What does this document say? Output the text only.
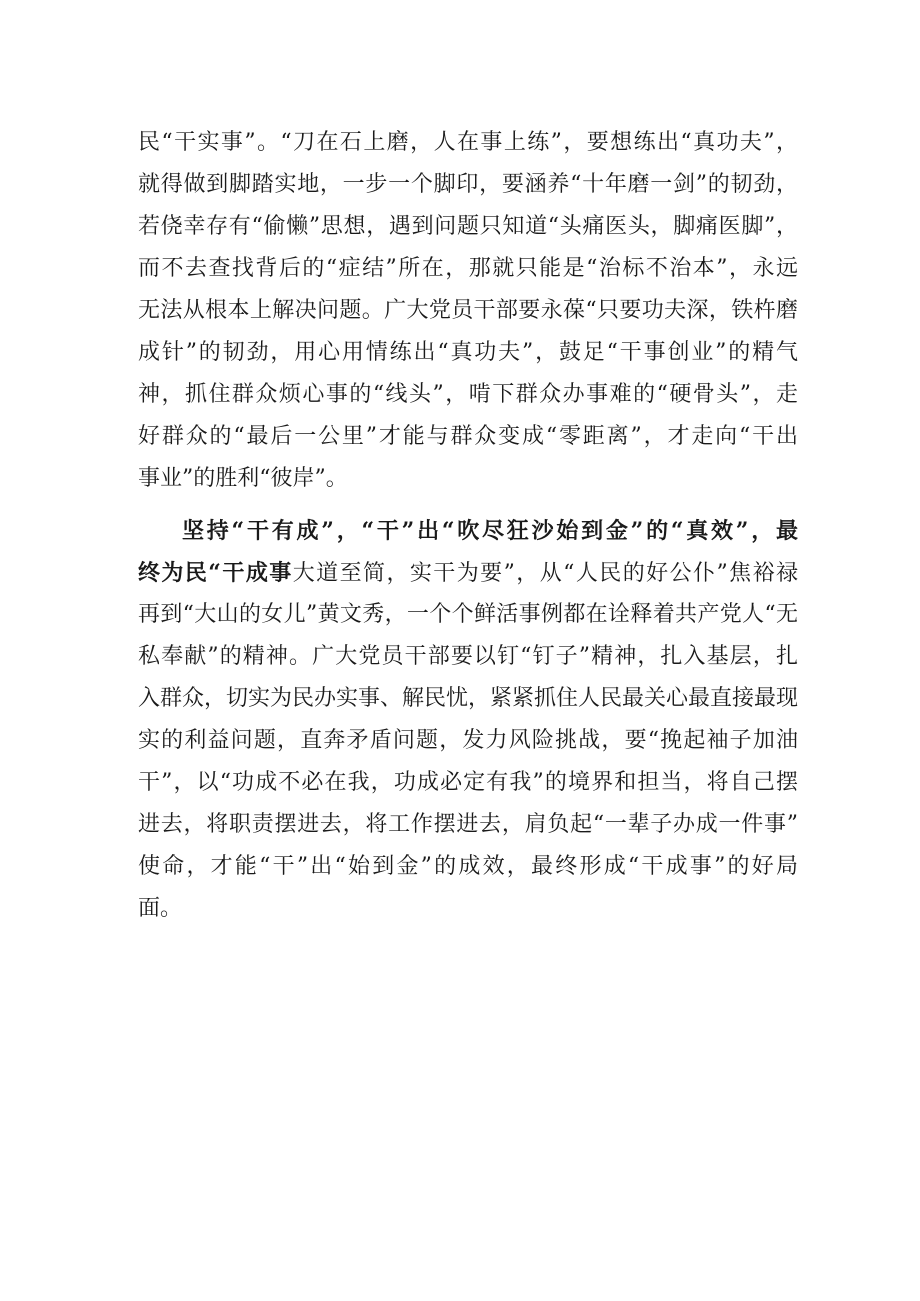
民“干实事”。“刀在石上磨，人在事上练”，要想练出“真功夫”，
就得做到脚踏实地，一步一个脚印，要涵养“十年磨一剑”的韧劲，
若侥幸存有“偷懒”思想，遇到问题只知道“头痛医头，脚痛医脚”，
而不去查找背后的“症结”所在，那就只能是“治标不治本”，永远
无法从根本上解决问题。广大党员干部要永葆“只要功夫深，铁杵磨
成针”的韧劲，用心用情练出“真功夫”，鼓足“干事创业”的精气
神，抓住群众烦心事的“线头”，啃下群众办事难的“硬骨头”，走
好群众的“最后一公里”才能与群众变成“零距离”，才走向“干出
事业”的胜利“彼岸”。
坚持“干有成”，“干”出“吹尽狂沙始到金”的“真效”，最
终为民“干成事大道至简，实干为要”，从“人民的好公仆”焦裕禄
再到“大山的女儿”黄文秀，一个个鲜活事例都在诠释着共产党人“无
私奉献”的精神。广大党员干部要以钉“钉子”精神，扎入基层，扎
入群众，切实为民办实事、解民忧，紧紧抓住人民最关心最直接最现
实的利益问题，直奔矛盾问题，发力风险挑战，要“挽起袖子加油
干”，以“功成不必在我，功成必定有我”的境界和担当，将自己摆
进去，将职责摆进去，将工作摆进去，肩负起“一辈子办成一件事”
使命，才能“干”出“始到金”的成效，最终形成“干成事”的好局
面。
